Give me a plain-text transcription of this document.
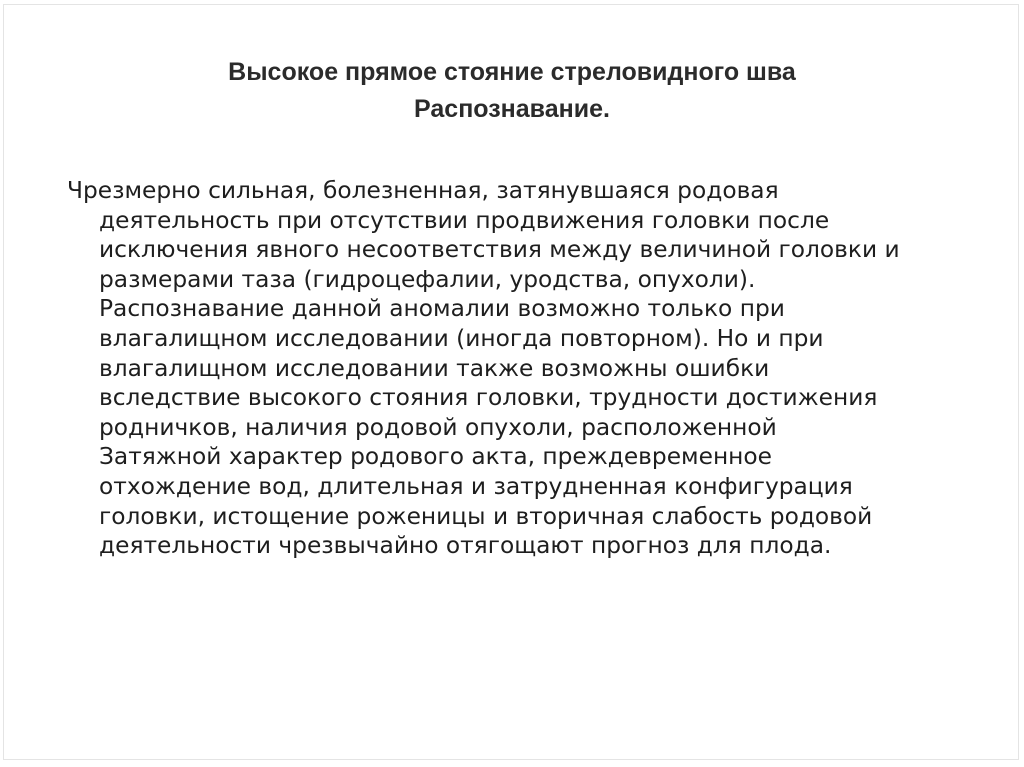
Высокое прямое стояние стреловидного шва
Распознавание.
Чрезмерно сильная, болезненная, затянувшаяся родовая
деятельность при отсутствии продвижения головки после
исключения явного несоответствия между величиной головки и
размерами таза (гидроцефалии, уродства, опухоли).
Распознавание данной аномалии возможно только при
влагалищном исследовании (иногда повторном). Но и при
влагалищном исследовании также возможны ошибки
вследствие высокого стояния головки, трудности достижения
родничков, наличия родовой опухоли, расположенной
Затяжной характер родового акта, преждевременное
отхождение вод, длительная и затрудненная конфигурация
головки, истощение роженицы и вторичная слабость родовой
деятельности чрезвычайно отягощают прогноз для плода.
